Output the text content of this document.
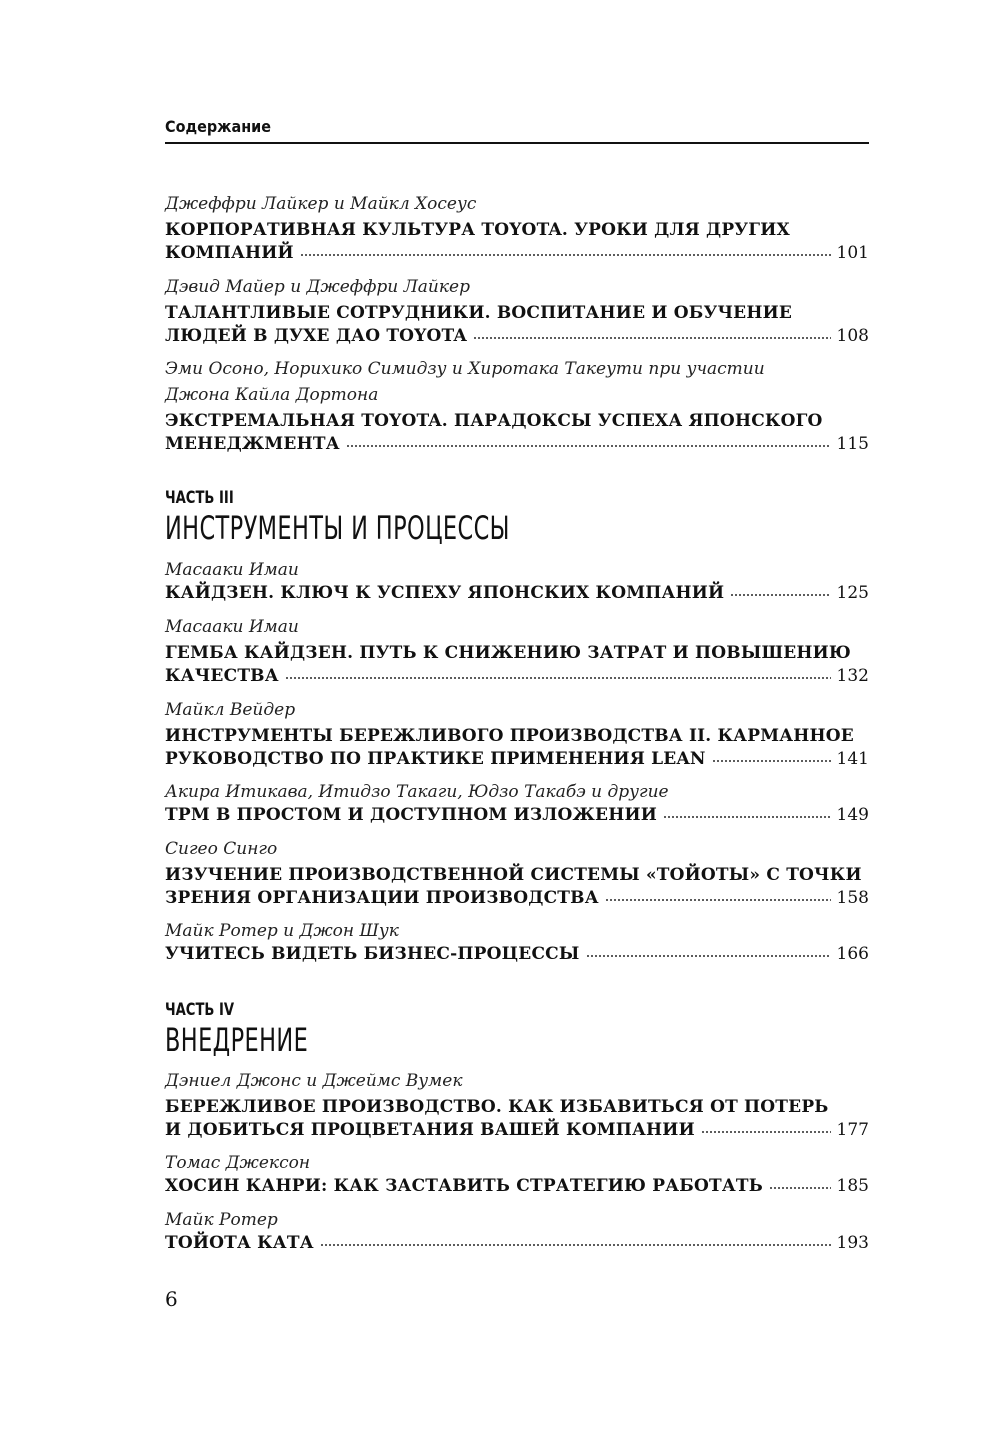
Содержание
Джеффри Лайкер и Майкл Хосеус
КОРПОРАТИВНАЯ КУЛЬТУРА TOYOTA. УРОКИ ДЛЯ ДРУГИХ
КОМПАНИЙ	101
Дэвид Майер и Джеффри Лайкер
ТАЛАНТЛИВЫЕ СОТРУДНИКИ. ВОСПИТАНИЕ И ОБУЧЕНИЕ
ЛЮДЕЙ В ДУХЕ ДАО TOYOTA	108
Эми Осоно, Норихико Симидзу и Хиротака Такеути при участии
Джона Кайла Дортона
ЭКСТРЕМАЛЬНАЯ TOYOTA. ПАРАДОКСЫ УСПЕХА ЯПОНСКОГО
МЕНЕДЖМЕНТА	115
ЧАСТЬ III
ИНСТРУМЕНТЫ И ПРОЦЕССЫ
Масааки Имаи
КАЙДЗЕН. КЛЮЧ К УСПЕХУ ЯПОНСКИХ КОМПАНИЙ	125
Масааки Имаи
ГЕМБА КАЙДЗЕН. ПУТЬ К СНИЖЕНИЮ ЗАТРАТ И ПОВЫШЕНИЮ
КАЧЕСТВА	132
Майкл Вейдер
ИНСТРУМЕНТЫ БЕРЕЖЛИВОГО ПРОИЗВОДСТВА II. КАРМАННОЕ
РУКОВОДСТВО ПО ПРАКТИКЕ ПРИМЕНЕНИЯ LEAN	141
Акира Итикава, Итидзо Такаги, Юдзо Такабэ и другие
TPM В ПРОСТОМ И ДОСТУПНОМ ИЗЛОЖЕНИИ	149
Сигео Синго
ИЗУЧЕНИЕ ПРОИЗВОДСТВЕННОЙ СИСТЕМЫ «ТОЙОТЫ» С ТОЧКИ
ЗРЕНИЯ ОРГАНИЗАЦИИ ПРОИЗВОДСТВА	158
Майк Ротер и Джон Шук
УЧИТЕСЬ ВИДЕТЬ БИЗНЕС-ПРОЦЕССЫ	166
ЧАСТЬ IV
ВНЕДРЕНИЕ
Дэниел Джонс и Джеймс Вумек
БЕРЕЖЛИВОЕ ПРОИЗВОДСТВО. КАК ИЗБАВИТЬСЯ ОТ ПОТЕРЬ
И ДОБИТЬСЯ ПРОЦВЕТАНИЯ ВАШЕЙ КОМПАНИИ	177
Томас Джексон
ХОСИН КАНРИ: КАК ЗАСТАВИТЬ СТРАТЕГИЮ РАБОТАТЬ	185
Майк Ротер
ТОЙОТА КАТА	193
6
